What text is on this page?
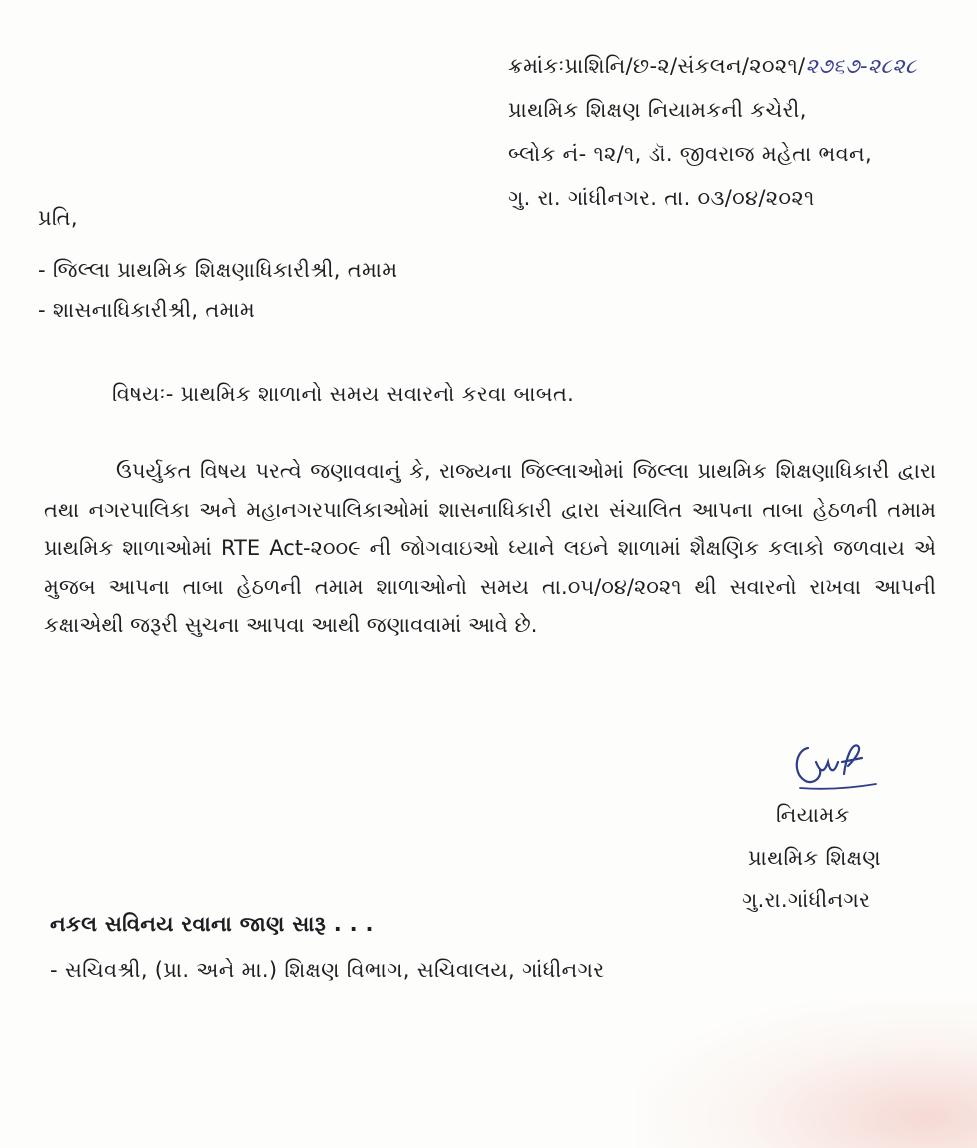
ક્રમાંકઃપ્રાશિનિ/છ-૨/સંકલન/૨૦૨૧/૨૭૬૭-૨૮૨૮
પ્રાથમિક શિક્ષણ નિયામકની કચેરી,
બ્લોક નં- ૧૨/૧, ડૉ. જીવરાજ મહેતા ભવન,
ગુ. રા. ગાંધીનગર. તા. ૦૩/૦૪/૨૦૨૧
પ્રતિ,
- જિલ્લા પ્રાથમિક શિક્ષણાધિકારીશ્રી, તમામ
- શાસનાધિકારીશ્રી, તમામ
વિષયઃ- પ્રાથમિક શાળાનો સમય સવારનો કરવા બાબત.
ઉપર્યુકત વિષય પરત્વે જણાવવાનું કે, રાજ્યના જિલ્લાઓમાં જિલ્લા પ્રાથમિક શિક્ષણાધિકારી દ્વારા તથા નગરપાલિકા અને મહાનગરપાલિકાઓમાં શાસનાધિકારી દ્વારા સંચાલિત આપના તાબા હેઠળની તમામ પ્રાથમિક શાળાઓમાં RTE Act-૨૦૦૯ ની જોગવાઇઓ ધ્યાને લઇને શાળામાં શૈક્ષણિક કલાકો જળવાય એ મુજબ આપના તાબા હેઠળની તમામ શાળાઓનો સમય તા.૦૫/૦૪/૨૦૨૧ થી સવારનો રાખવા આપની કક્ષાએથી જરૂરી સુચના આપવા આથી જણાવવામાં આવે છે.
નિયામક
પ્રાથમિક શિક્ષણ
ગુ.રા.ગાંધીનગર
નકલ સવિનય રવાના જાણ સારૂ . . .
- સચિવશ્રી, (પ્રા. અને મા.) શિક્ષણ વિભાગ, સચિવાલય, ગાંધીનગર
